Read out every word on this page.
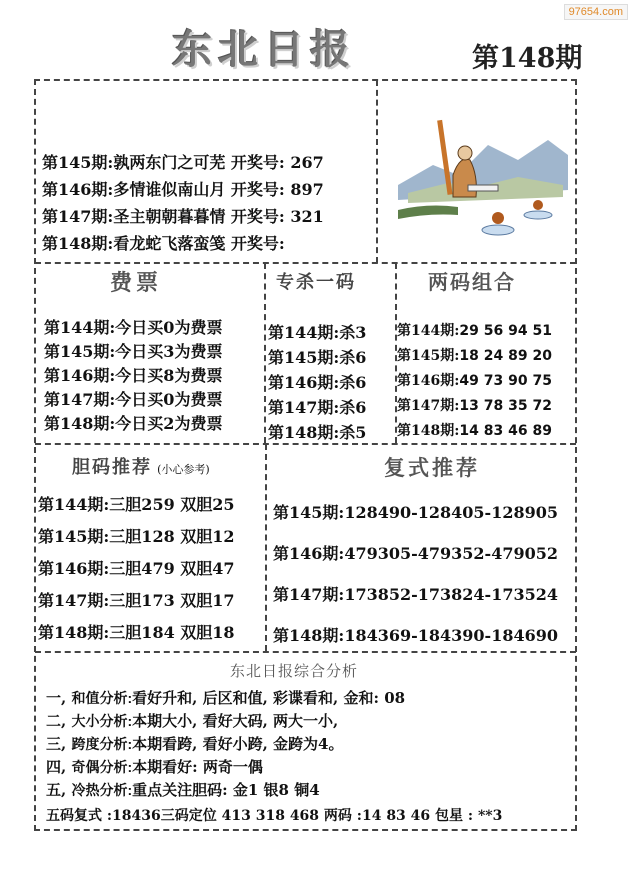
97654.com
东北日报	第148期
第145期:孰两东门之可芜 开奖号: 267
第146期:多情谁似南山月 开奖号: 897
第147期:圣主朝朝暮暮情 开奖号: 321
第148期:看龙蛇飞落蛮笺 开奖号:
费票
第144期:今日买0为费票
第145期:今日买3为费票
第146期:今日买8为费票
第147期:今日买0为费票
第148期:今日买2为费票
专杀一码
第144期:杀3
第145期:杀6
第146期:杀6
第147期:杀6
第148期:杀5
两码组合
第144期:29 56 94 51
第145期:18 24 89 20
第146期:49 73 90 75
第147期:13 78 35 72
第148期:14 83 46 89
胆码推荐 (小心参考)
第144期:三胆259 双胆25
第145期:三胆128 双胆12
第146期:三胆479 双胆47
第147期:三胆173 双胆17
第148期:三胆184 双胆18
复式推荐
第145期:128490-128405-128905
第146期:479305-479352-479052
第147期:173852-173824-173524
第148期:184369-184390-184690
东北日报综合分析
一, 和值分析:看好升和, 后区和值, 彩谍看和, 金和: 08
二, 大小分析:本期大小, 看好大码, 两大一小,
三, 跨度分析:本期看跨, 看好小跨, 金跨为4。
四, 奇偶分析:本期看好: 两奇一偶
五, 冷热分析:重点关注胆码: 金1 银8 铜4
五码复式 :18436三码定位 413 318 468 两码 :14 83 46 包星 : **3
